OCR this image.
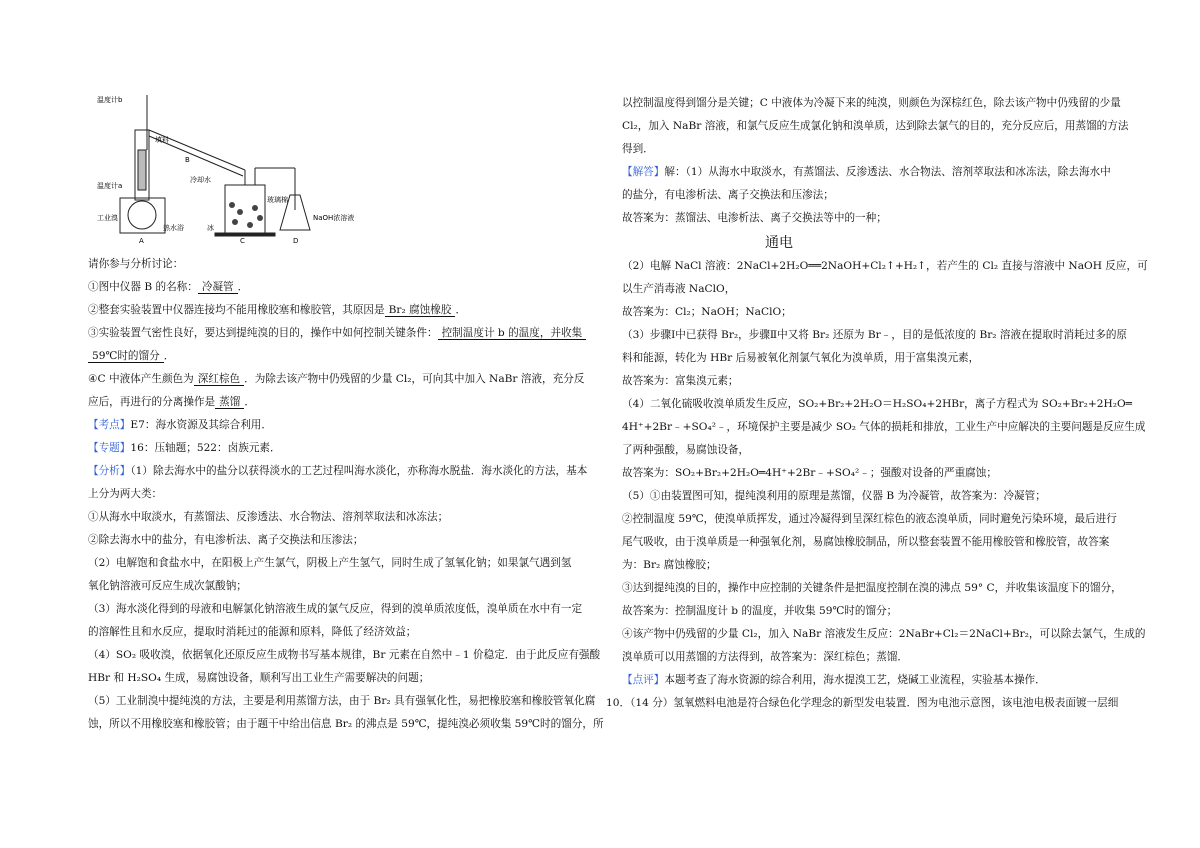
温度计b
填料
B
冷却水
温度计a
工业溴
热水浴	冰
玻璃棉
NaOH浓溶液
A	C	D
请你参与分析讨论：
①图中仪器 B 的名称： 冷凝管 ．
②整套实验装置中仪器连接均不能用橡胶塞和橡胶管，其原因是 Br₂ 腐蚀橡胶 ．
③实验装置气密性良好，要达到提纯溴的目的，操作中如何控制关键条件： 控制温度计 b 的温度，并收集
59℃时的馏分 ．
④C 中液体产生颜色为 深红棕色 ．为除去该产物中仍残留的少量 Cl₂，可向其中加入 NaBr 溶液，充分反
应后，再进行的分离操作是 蒸馏 ．
【考点】E7：海水资源及其综合利用．
【专题】16：压轴题；522：卤族元素．
【分析】（1）除去海水中的盐分以获得淡水的工艺过程叫海水淡化，亦称海水脱盐．海水淡化的方法，基本
上分为两大类：
①从海水中取淡水，有蒸馏法、反渗透法、水合物法、溶剂萃取法和冰冻法；
②除去海水中的盐分，有电渗析法、离子交换法和压渗法；
（2）电解饱和食盐水中，在阳极上产生氯气，阴极上产生氢气，同时生成了氢氧化钠；如果氯气遇到氢
氧化钠溶液可反应生成次氯酸钠；
（3）海水淡化得到的母液和电解氯化钠溶液生成的氯气反应，得到的溴单质浓度低，溴单质在水中有一定
的溶解性且和水反应，提取时消耗过的能源和原料，降低了经济效益；
（4）SO₂ 吸收溴，依据氧化还原反应生成物书写基本规律，Br 元素在自然中﹣1 价稳定．由于此反应有强酸
HBr 和 H₂SO₄ 生成，易腐蚀设备，顺利写出工业生产需要解决的问题；
（5）工业制溴中提纯溴的方法，主要是利用蒸馏方法，由于 Br₂ 具有强氧化性，易把橡胶塞和橡胶管氧化腐
蚀，所以不用橡胶塞和橡胶管；由于题干中给出信息 Br₂ 的沸点是 59℃，提纯溴必须收集 59℃时的馏分，所
以控制温度得到馏分是关键；C 中液体为冷凝下来的纯溴，则颜色为深棕红色，除去该产物中仍残留的少量
Cl₂，加入 NaBr 溶液，和氯气反应生成氯化钠和溴单质，达到除去氯气的目的，充分反应后，用蒸馏的方法
得到．
【解答】解：（1）从海水中取淡水，有蒸馏法、反渗透法、水合物法、溶剂萃取法和冰冻法，除去海水中
的盐分，有电渗析法、离子交换法和压渗法；
故答案为：蒸馏法、电渗析法、离子交换法等中的一种；
通电
（2）电解 NaCl 溶液：2NaCl+2H₂O══2NaOH+Cl₂↑+H₂↑，若产生的 Cl₂ 直接与溶液中 NaOH 反应，可
以生产消毒液 NaClO，
故答案为：Cl₂；NaOH；NaClO；
（3）步骤Ⅰ中已获得 Br₂，步骤Ⅱ中又将 Br₂ 还原为 Br﹣，目的是低浓度的 Br₂ 溶液在提取时消耗过多的原
料和能源，转化为 HBr 后易被氧化剂氯气氧化为溴单质，用于富集溴元素，
故答案为：富集溴元素；
（4）二氧化硫吸收溴单质发生反应，SO₂+Br₂+2H₂O＝H₂SO₄+2HBr，离子方程式为 SO₂+Br₂+2H₂O═
4H⁺+2Br﹣+SO₄²﹣，环境保护主要是减少 SO₂ 气体的损耗和排放，工业生产中应解决的主要问题是反应生成
了两种强酸，易腐蚀设备，
故答案为：SO₂+Br₂+2H₂O═4H⁺+2Br﹣+SO₄²﹣；强酸对设备的严重腐蚀；
（5）①由装置图可知，提纯溴利用的原理是蒸馏，仪器 B 为冷凝管，故答案为：冷凝管；
②控制温度 59℃，使溴单质挥发，通过冷凝得到呈深红棕色的液态溴单质，同时避免污染环境，最后进行
尾气吸收，由于溴单质是一种强氧化剂，易腐蚀橡胶制品，所以整套装置不能用橡胶管和橡胶管，故答案
为：Br₂ 腐蚀橡胶；
③达到提纯溴的目的，操作中应控制的关键条件是把温度控制在溴的沸点 59° C，并收集该温度下的馏分，
故答案为：控制温度计 b 的温度，并收集 59℃时的馏分；
④该产物中仍残留的少量 Cl₂，加入 NaBr 溶液发生反应：2NaBr+Cl₂＝2NaCl+Br₂，可以除去氯气，生成的
溴单质可以用蒸馏的方法得到，故答案为：深红棕色；蒸馏．
【点评】本题考查了海水资源的综合利用，海水提溴工艺，烧碱工业流程，实验基本操作．
10．（14 分）氢氧燃料电池是符合绿色化学理念的新型发电装置．图为电池示意图，该电池电极表面镀一层细
